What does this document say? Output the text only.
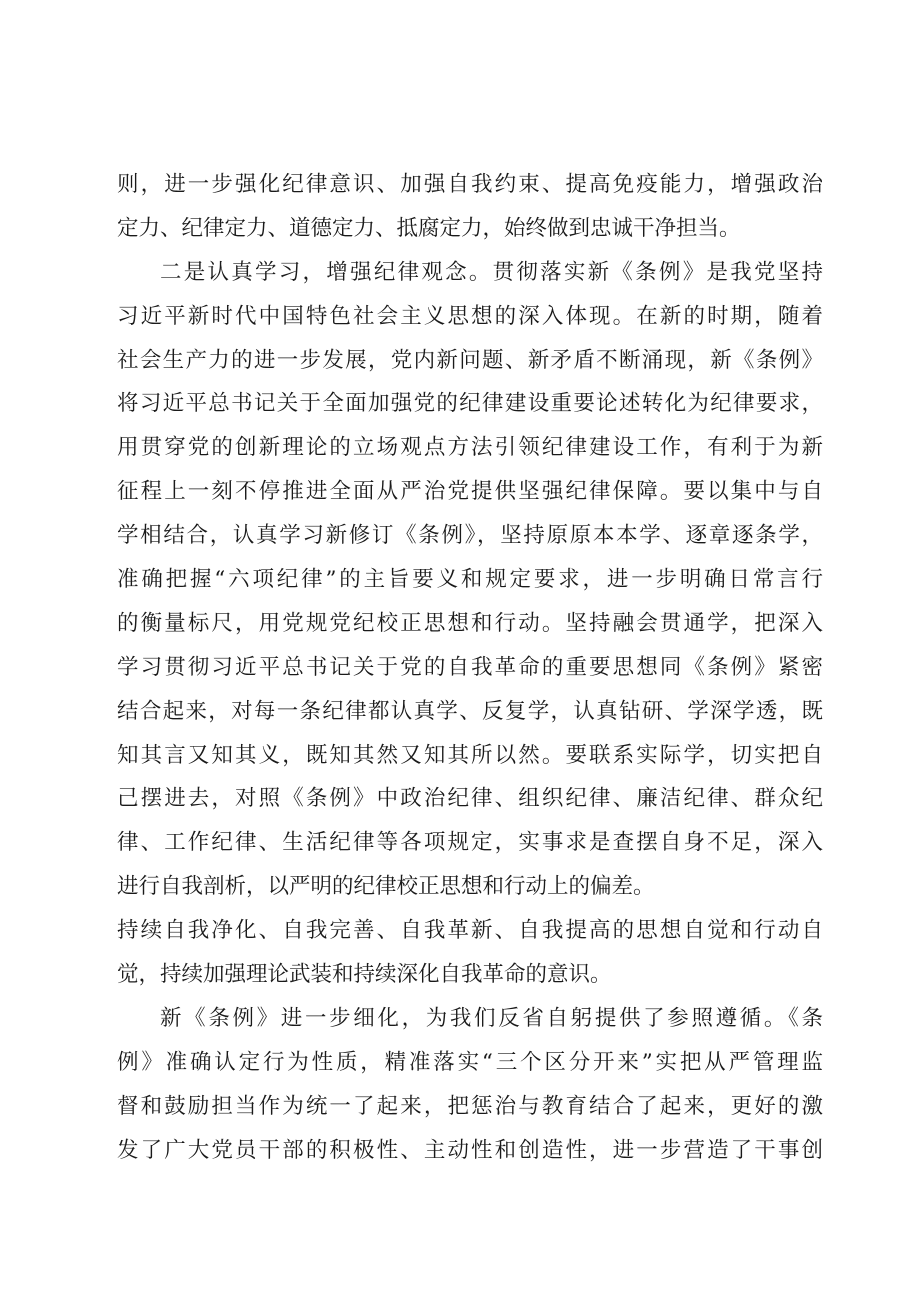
则，进一步强化纪律意识、加强自我约束、提高免疫能力，增强政治
定力、纪律定力、道德定力、抵腐定力，始终做到忠诚干净担当。
二是认真学习，增强纪律观念。贯彻落实新《条例》是我党坚持
习近平新时代中国特色社会主义思想的深入体现。在新的时期，随着
社会生产力的进一步发展，党内新问题、新矛盾不断涌现，新《条例》
将习近平总书记关于全面加强党的纪律建设重要论述转化为纪律要求，
用贯穿党的创新理论的立场观点方法引领纪律建设工作，有利于为新
征程上一刻不停推进全面从严治党提供坚强纪律保障。要以集中与自
学相结合，认真学习新修订《条例》，坚持原原本本学、逐章逐条学，
准确把握“六项纪律”的主旨要义和规定要求，进一步明确日常言行
的衡量标尺，用党规党纪校正思想和行动。坚持融会贯通学，把深入
学习贯彻习近平总书记关于党的自我革命的重要思想同《条例》紧密
结合起来，对每一条纪律都认真学、反复学，认真钻研、学深学透，既
知其言又知其义，既知其然又知其所以然。要联系实际学，切实把自
己摆进去，对照《条例》中政治纪律、组织纪律、廉洁纪律、群众纪
律、工作纪律、生活纪律等各项规定，实事求是查摆自身不足，深入
进行自我剖析，以严明的纪律校正思想和行动上的偏差。
持续自我净化、自我完善、自我革新、自我提高的思想自觉和行动自
觉，持续加强理论武装和持续深化自我革命的意识。
新《条例》进一步细化，为我们反省自躬提供了参照遵循。《条
例》准确认定行为性质，精准落实“三个区分开来”实把从严管理监
督和鼓励担当作为统一了起来，把惩治与教育结合了起来，更好的激
发了广大党员干部的积极性、主动性和创造性，进一步营造了干事创
